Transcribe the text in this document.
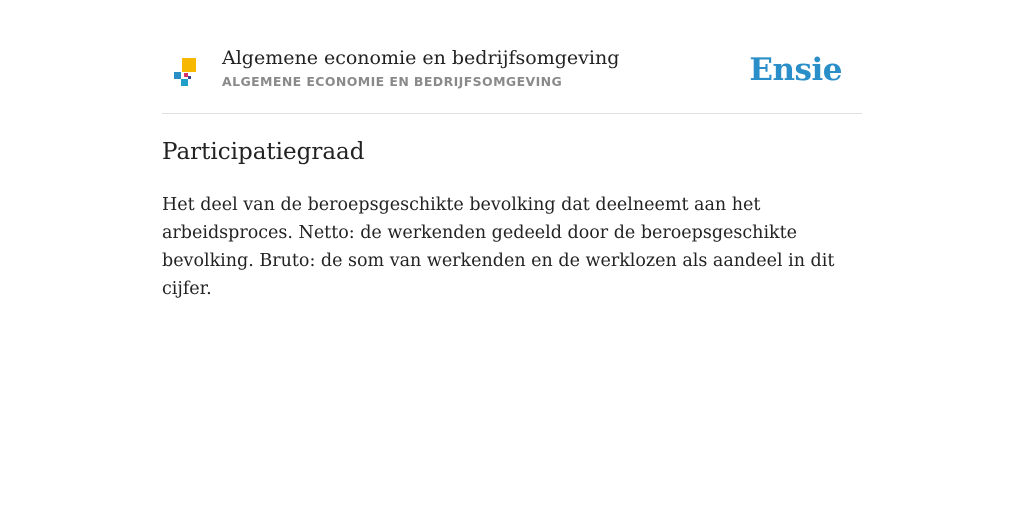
Algemene economie en bedrijfsomgeving
ALGEMENE ECONOMIE EN BEDRIJFSOMGEVING	Ensie
Participatiegraad
Het deel van de beroepsgeschikte bevolking dat deelneemt aan het arbeidsproces. Netto: de werkenden gedeeld door de beroepsgeschikte bevolking. Bruto: de som van werkenden en de werklozen als aandeel in dit cijfer.
